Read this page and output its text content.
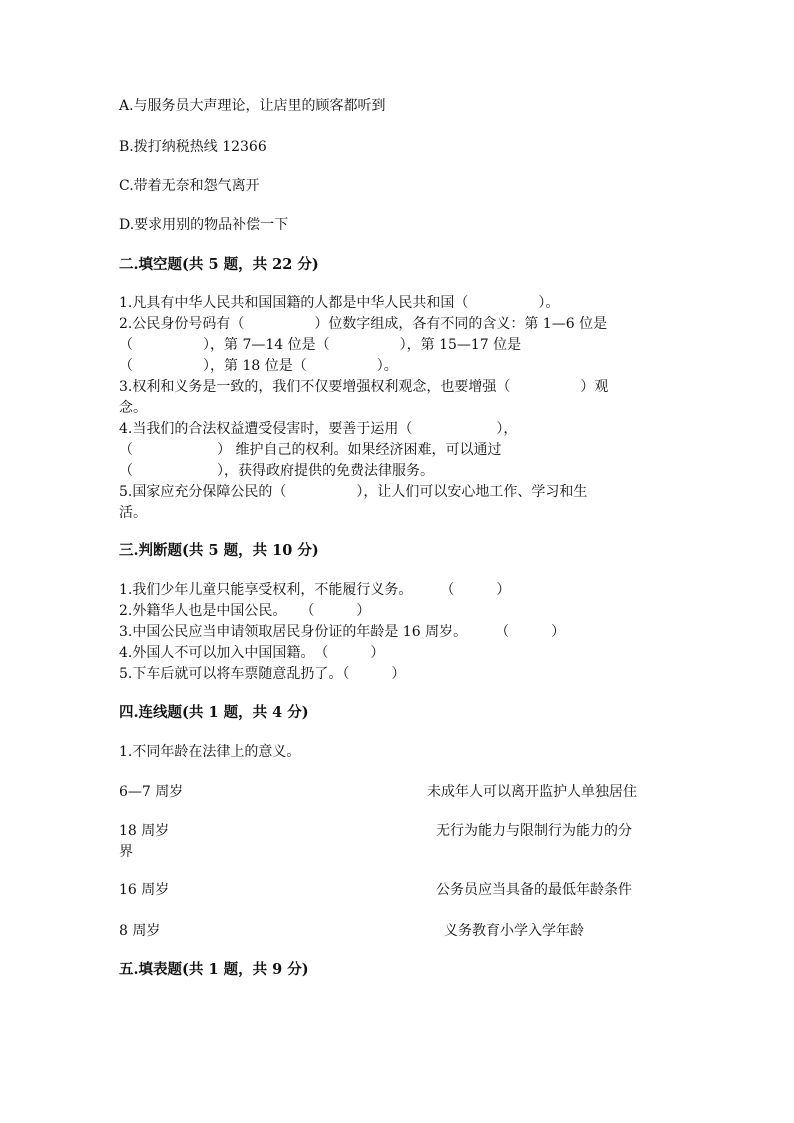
A.与服务员大声理论，让店里的顾客都听到
B.拨打纳税热线 12366
C.带着无奈和怨气离开
D.要求用别的物品补偿一下
二.填空题(共 5 题，共 22 分)
1.凡具有中华人民共和国国籍的人都是中华人民共和国（　　　　　）。
2.公民身份号码有（　　　　　）位数字组成，各有不同的含义：第 1—6 位是
（　　　　　），第 7—14 位是（　　　　　），第 15—17 位是
（　　　　　），第 18 位是（　　　　　）。
3.权利和义务是一致的，我们不仅要增强权利观念，也要增强（　　　　　）观
念。
4.当我们的合法权益遭受侵害时，要善于运用（　　　　　　），
（　　　　　　） 维护自己的权利。如果经济困难，可以通过
（　　　　　　），获得政府提供的免费法律服务。
5.国家应充分保障公民的（　　　　　），让人们可以安心地工作、学习和生
活。
三.判断题(共 5 题，共 10 分)
1.我们少年儿童只能享受权利，不能履行义务。　　　（　　　）
2.外籍华人也是中国公民。　　（　　　）
3.中国公民应当申请领取居民身份证的年龄是 16 周岁。　　　（　　　）
4.外国人不可以加入中国国籍。　（　　　）
5.下车后就可以将车票随意乱扔了。（　　　）
四.连线题(共 1 题，共 4 分)
1.不同年龄在法律上的意义。
6—7 周岁	未成年人可以离开监护人单独居住
18 周岁	无行为能力与限制行为能力的分
界
16 周岁	公务员应当具备的最低年龄条件
8 周岁	义务教育小学入学年龄
五.填表题(共 1 题，共 9 分)
